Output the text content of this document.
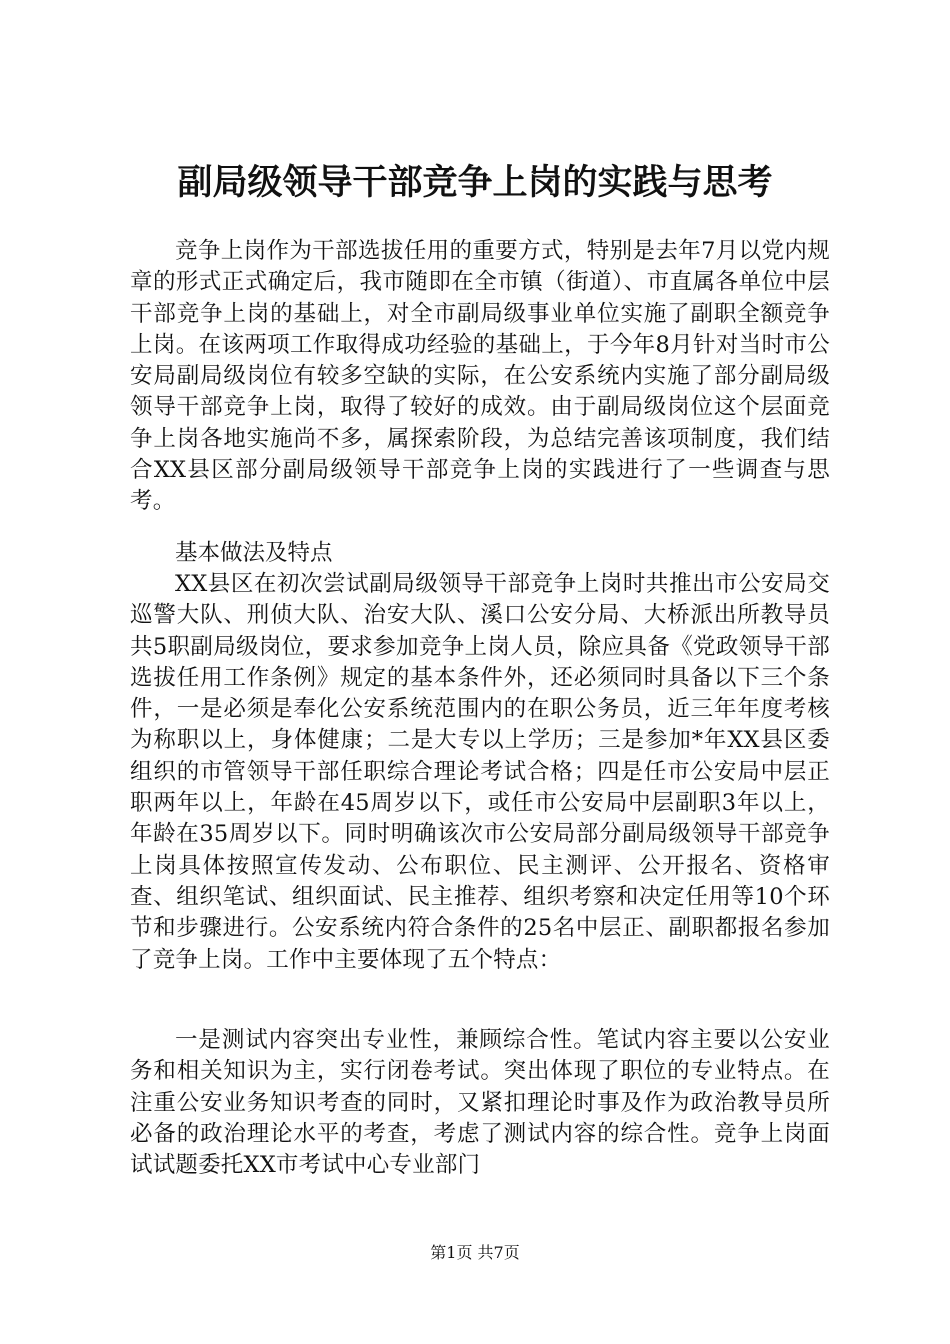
副局级领导干部竞争上岗的实践与思考

竞争上岗作为干部选拔任用的重要方式，特别是去年7月以党内规章的形式正式确定后，我市随即在全市镇（街道）、市直属各单位中层干部竞争上岗的基础上，对全市副局级事业单位实施了副职全额竞争上岗。在该两项工作取得成功经验的基础上，于今年8月针对当时市公安局副局级岗位有较多空缺的实际，在公安系统内实施了部分副局级领导干部竞争上岗，取得了较好的成效。由于副局级岗位这个层面竞争上岗各地实施尚不多，属探索阶段，为总结完善该项制度，我们结合XX县区部分副局级领导干部竞争上岗的实践进行了一些调查与思考。

基本做法及特点

XX县区在初次尝试副局级领导干部竞争上岗时共推出市公安局交巡警大队、刑侦大队、治安大队、溪口公安分局、大桥派出所教导员共5职副局级岗位，要求参加竞争上岗人员，除应具备《党政领导干部选拔任用工作条例》规定的基本条件外，还必须同时具备以下三个条件，一是必须是奉化公安系统范围内的在职公务员，近三年年度考核为称职以上，身体健康；二是大专以上学历；三是参加*年XX县区委组织的市管领导干部任职综合理论考试合格；四是任市公安局中层正职两年以上，年龄在45周岁以下，或任市公安局中层副职3年以上，年龄在35周岁以下。同时明确该次市公安局部分副局级领导干部竞争上岗具体按照宣传发动、公布职位、民主测评、公开报名、资格审查、组织笔试、组织面试、民主推荐、组织考察和决定任用等10个环节和步骤进行。公安系统内符合条件的25名中层正、副职都报名参加了竞争上岗。工作中主要体现了五个特点：

一是测试内容突出专业性，兼顾综合性。笔试内容主要以公安业务和相关知识为主，实行闭卷考试。突出体现了职位的专业特点。在注重公安业务知识考查的同时，又紧扣理论时事及作为政治教导员所必备的政治理论水平的考查，考虑了测试内容的综合性。竞争上岗面试试题委托XX市考试中心专业部门

第1页 共7页
